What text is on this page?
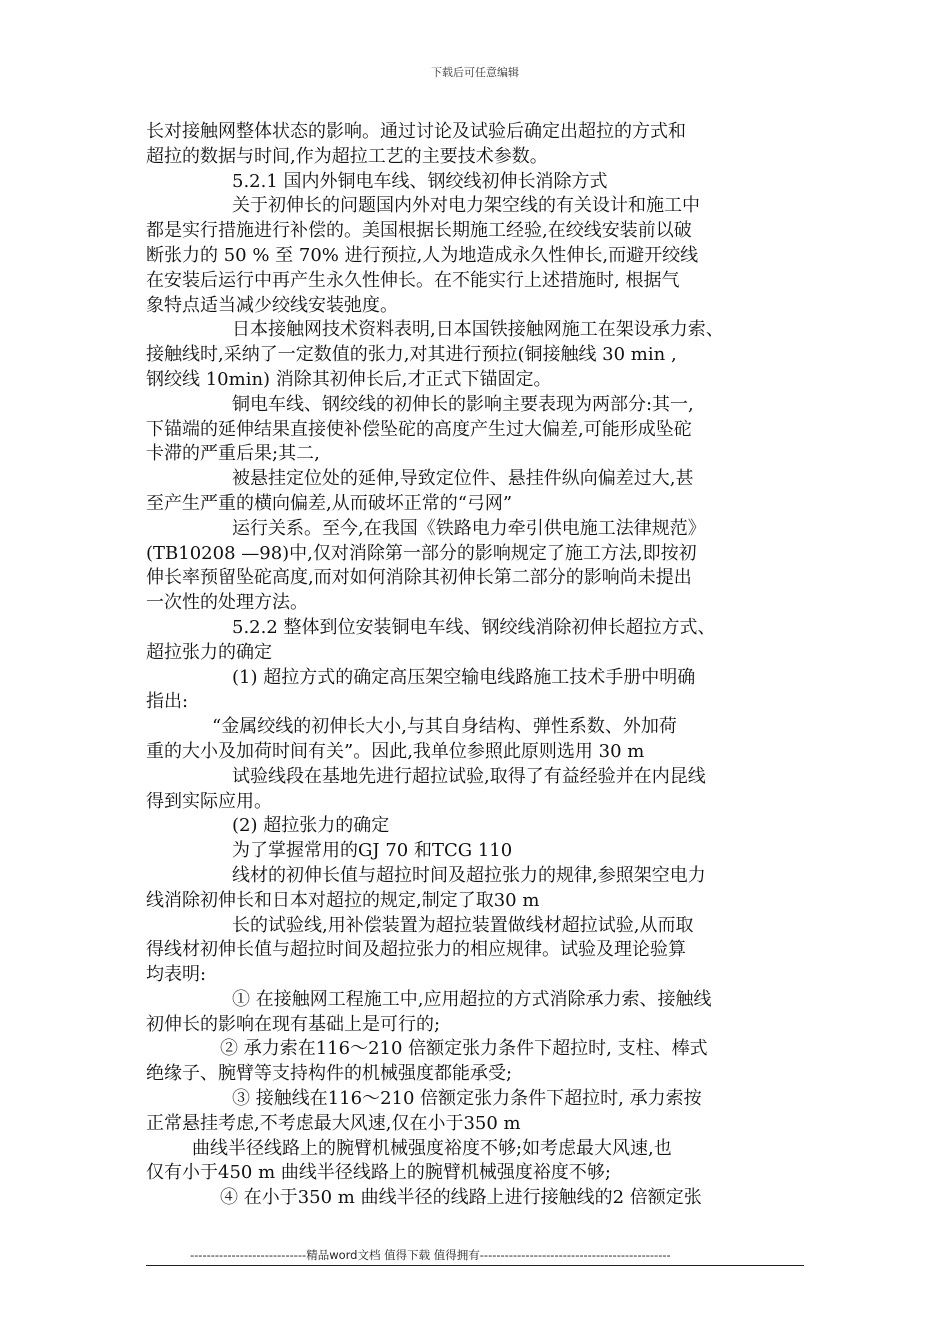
下载后可任意编辑
长对接触网整体状态的影响。通过讨论及试验后确定出超拉的方式和
超拉的数据与时间,作为超拉工艺的主要技术参数。
5.2.1 国内外铜电车线、钢绞线初伸长消除方式
关于初伸长的问题国内外对电力架空线的有关设计和施工中
都是实行措施进行补偿的。美国根据长期施工经验,在绞线安装前以破
断张力的 50 % 至 70% 进行预拉,人为地造成永久性伸长,而避开绞线
在安装后运行中再产生永久性伸长。在不能实行上述措施时, 根据气
象特点适当减少绞线安装弛度。
日本接触网技术资料表明,日本国铁接触网施工在架设承力索、
接触线时,采纳了一定数值的张力,对其进行预拉(铜接触线 30 min ,
钢绞线 10min) 消除其初伸长后,才正式下锚固定。
铜电车线、钢绞线的初伸长的影响主要表现为两部分:其一,
下锚端的延伸结果直接使补偿坠砣的高度产生过大偏差,可能形成坠砣
卡滞的严重后果;其二,
被悬挂定位处的延伸,导致定位件、悬挂件纵向偏差过大,甚
至产生严重的横向偏差,从而破坏正常的“弓网”
运行关系。至今,在我国《铁路电力牵引供电施工法律规范》
(TB10208 —98)中,仅对消除第一部分的影响规定了施工方法,即按初
伸长率预留坠砣高度,而对如何消除其初伸长第二部分的影响尚未提出
一次性的处理方法。
5.2.2 整体到位安装铜电车线、钢绞线消除初伸长超拉方式、
超拉张力的确定
(1) 超拉方式的确定高压架空输电线路施工技术手册中明确
指出:
“金属绞线的初伸长大小,与其自身结构、弹性系数、外加荷
重的大小及加荷时间有关”。因此,我单位参照此原则选用 30 m
试验线段在基地先进行超拉试验,取得了有益经验并在内昆线
得到实际应用。
(2) 超拉张力的确定
为了掌握常用的GJ 70 和TCG 110
线材的初伸长值与超拉时间及超拉张力的规律,参照架空电力
线消除初伸长和日本对超拉的规定,制定了取30 m
长的试验线,用补偿装置为超拉装置做线材超拉试验,从而取
得线材初伸长值与超拉时间及超拉张力的相应规律。试验及理论验算
均表明:
① 在接触网工程施工中,应用超拉的方式消除承力索、接触线
初伸长的影响在现有基础上是可行的;
② 承力索在116～210 倍额定张力条件下超拉时, 支柱、棒式
绝缘子、腕臂等支持构件的机械强度都能承受;
③ 接触线在116～210 倍额定张力条件下超拉时, 承力索按
正常悬挂考虑,不考虑最大风速,仅在小于350 m
曲线半径线路上的腕臂机械强度裕度不够;如考虑最大风速,也
仅有小于450 m 曲线半径线路上的腕臂机械强度裕度不够;
④ 在小于350 m 曲线半径的线路上进行接触线的2 倍额定张
----------------------------精品word文档 值得下载 值得拥有----------------------------------------------
